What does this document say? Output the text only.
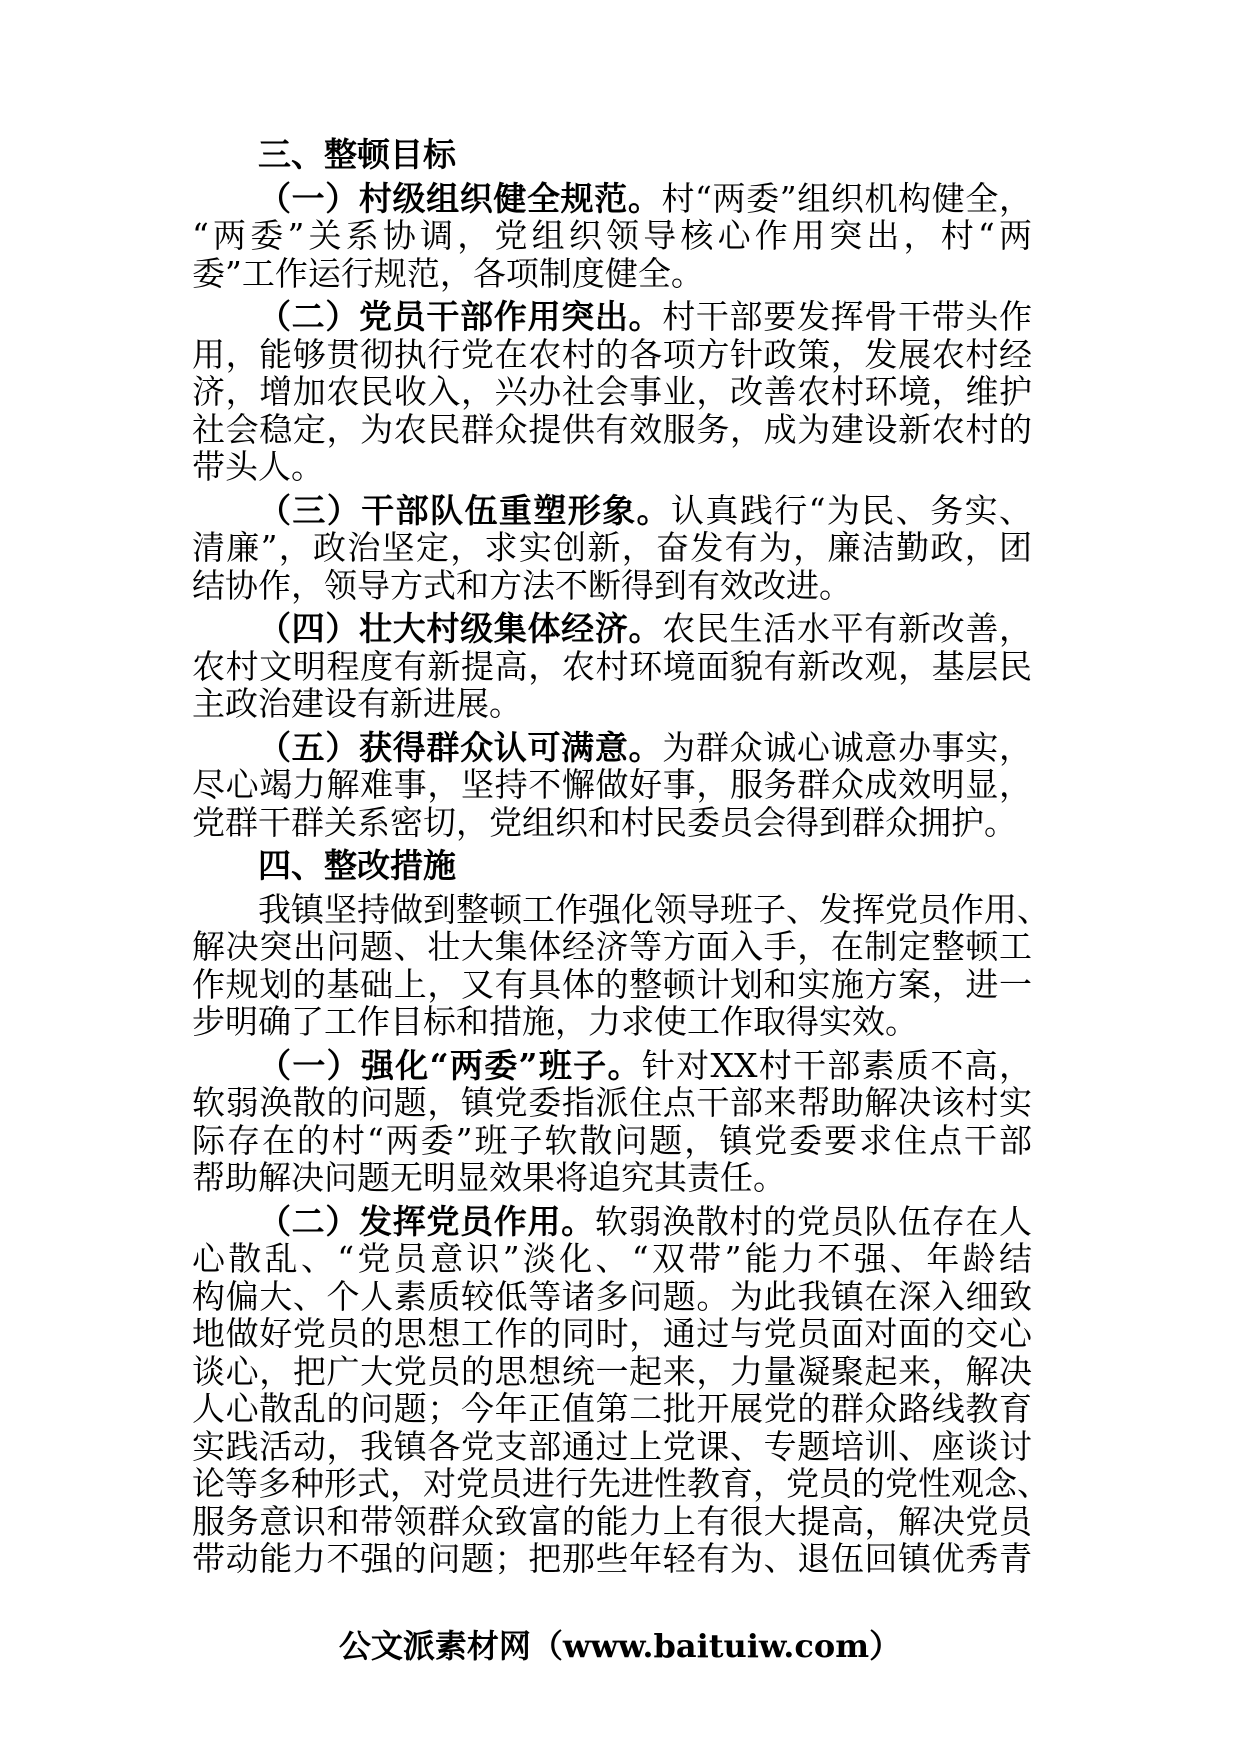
三、整顿目标
（一）村级组织健全规范。村“两委”组织机构健全，
“两委”关系协调，党组织领导核心作用突出，村“两
委”工作运行规范，各项制度健全。
（二）党员干部作用突出。村干部要发挥骨干带头作
用，能够贯彻执行党在农村的各项方针政策，发展农村经
济，增加农民收入，兴办社会事业，改善农村环境，维护
社会稳定，为农民群众提供有效服务，成为建设新农村的
带头人。
（三）干部队伍重塑形象。认真践行“为民、务实、
清廉”，政治坚定，求实创新，奋发有为，廉洁勤政，团
结协作，领导方式和方法不断得到有效改进。
（四）壮大村级集体经济。农民生活水平有新改善，
农村文明程度有新提高，农村环境面貌有新改观，基层民
主政治建设有新进展。
（五）获得群众认可满意。为群众诚心诚意办事实，
尽心竭力解难事，坚持不懈做好事，服务群众成效明显，
党群干群关系密切，党组织和村民委员会得到群众拥护。
四、整改措施
我镇坚持做到整顿工作强化领导班子、发挥党员作用、
解决突出问题、壮大集体经济等方面入手，在制定整顿工
作规划的基础上，又有具体的整顿计划和实施方案，进一
步明确了工作目标和措施，力求使工作取得实效。
（一）强化“两委”班子。针对XX村干部素质不高，
软弱涣散的问题，镇党委指派住点干部来帮助解决该村实
际存在的村“两委”班子软散问题，镇党委要求住点干部
帮助解决问题无明显效果将追究其责任。
（二）发挥党员作用。软弱涣散村的党员队伍存在人
心散乱、“党员意识”淡化、“双带”能力不强、年龄结
构偏大、个人素质较低等诸多问题。为此我镇在深入细致
地做好党员的思想工作的同时，通过与党员面对面的交心
谈心，把广大党员的思想统一起来，力量凝聚起来，解决
人心散乱的问题；今年正值第二批开展党的群众路线教育
实践活动，我镇各党支部通过上党课、专题培训、座谈讨
论等多种形式，对党员进行先进性教育，党员的党性观念、
服务意识和带领群众致富的能力上有很大提高，解决党员
带动能力不强的问题；把那些年轻有为、退伍回镇优秀青
公文派素材网（www.baituiw.com）
